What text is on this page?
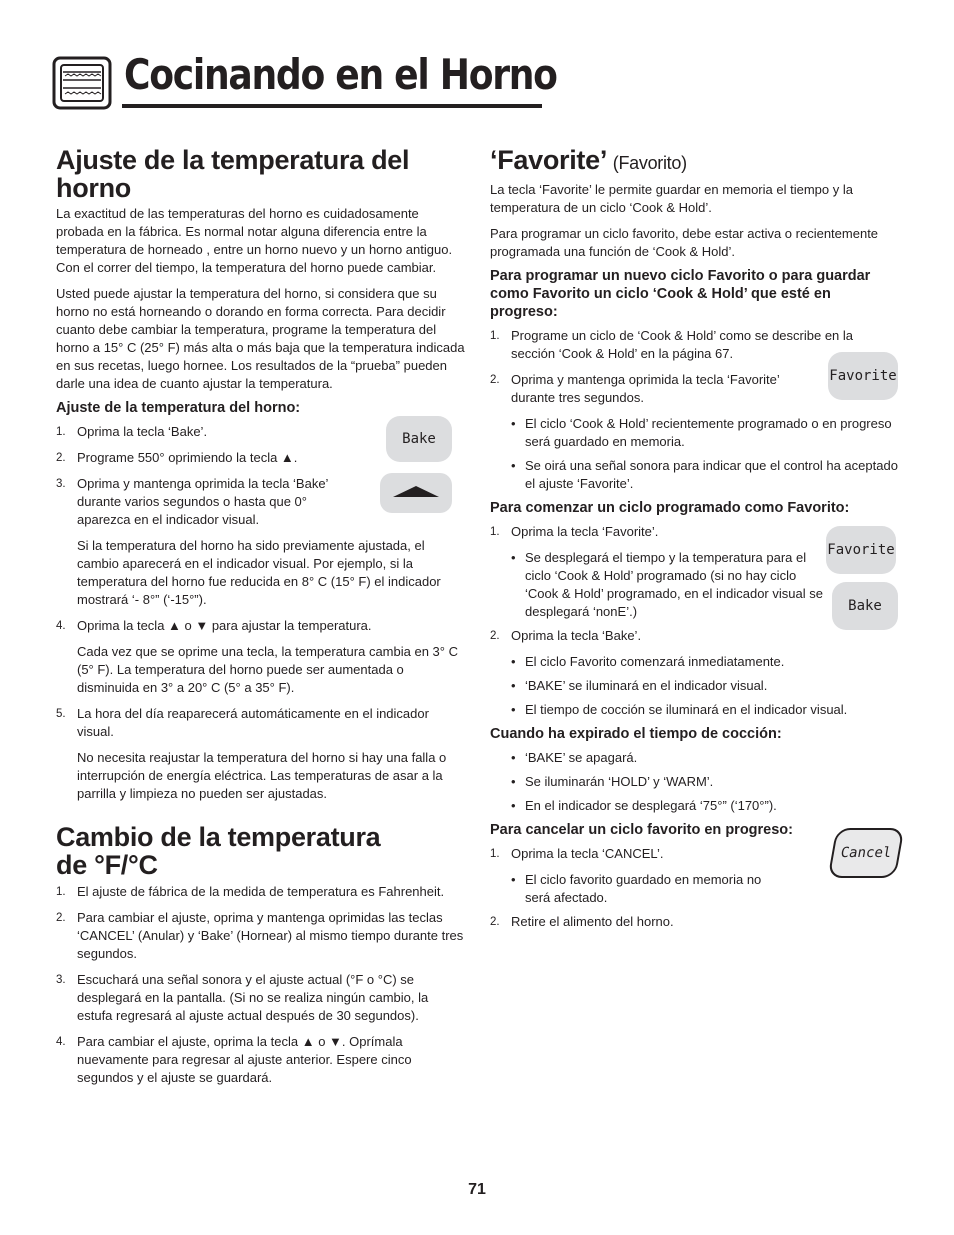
Cocinando en el Horno
Ajuste de la temperatura del horno

La exactitud de las temperaturas del horno es cuidadosamente probada en la fábrica. Es normal notar alguna diferencia entre la temperatura de horneado , entre un horno nuevo y un horno antiguo. Con el correr del tiempo, la temperatura del horno puede cambiar.

Usted puede ajustar la temperatura del horno, si considera que su horno no está horneando o dorando en forma correcta. Para decidir cuanto debe cambiar la temperatura, programe la temperatura del horno a 15° C (25° F) más alta o más baja que la temperatura indicada en sus recetas, luego hornee. Los resultados de la “prueba” pueden darle una idea de cuanto ajustar la temperatura.

Ajuste de la temperatura del horno:
1. Oprima la tecla ‘Bake’.
2. Programe 550° oprimiendo la tecla ▲.
3. Oprima y mantenga oprimida la tecla ‘Bake’ durante varios segundos o hasta que 0° aparezca en el indicador visual.

Si la temperatura del horno ha sido previamente ajustada, el cambio aparecerá en el indicador visual. Por ejemplo, si la temperatura del horno fue reducida en 8° C (15° F) el indicador mostrará ‘- 8°” (‘-15°”).

4. Oprima la tecla ▲ o ▼ para ajustar la temperatura.

Cada vez que se oprime una tecla, la temperatura cambia en 3° C (5° F). La temperatura del horno puede ser aumentada o disminuida en 3° a 20° C (5° a 35° F).

5. La hora del día reaparecerá automáticamente en el indicador visual.

No necesita reajustar la temperatura del horno si hay una falla o interrupción de energía eléctrica. Las temperaturas de asar a la parrilla y limpieza no pueden ser ajustadas.

Cambio de la temperatura de °F/°C
1. El ajuste de fábrica de la medida de temperatura es Fahrenheit.
2. Para cambiar el ajuste, oprima y mantenga oprimidas las teclas ‘CANCEL’ (Anular) y ‘Bake’ (Hornear) al mismo tiempo durante tres segundos.
3. Escuchará una señal sonora y el ajuste actual (°F o °C) se desplegará en la pantalla. (Si no se realiza ningún cambio, la estufa regresará al ajuste actual después de 30 segundos).
4. Para cambiar el ajuste, oprima la tecla ▲ o ▼. Oprímala nuevamente para regresar al ajuste anterior. Espere cinco segundos y el ajuste se guardará.
‘Favorite’ (Favorito)

La tecla ‘Favorite’ le permite guardar en memoria el tiempo y la temperatura de un ciclo ‘Cook & Hold’.

Para programar un ciclo favorito, debe estar activa o recientemente programada una función de ‘Cook & Hold’.

Para programar un nuevo ciclo Favorito o para guardar como Favorito un ciclo ‘Cook & Hold’ que esté en progreso:
1. Programe un ciclo de ‘Cook & Hold’ como se describe en la sección ‘Cook & Hold’ en la página 67.
2. Oprima y mantenga oprimida la tecla ‘Favorite’ durante tres segundos.
• El ciclo ‘Cook & Hold’ recientemente programado o en progreso será guardado en memoria.
• Se oirá una señal sonora para indicar que el control ha aceptado el ajuste ‘Favorite’.
Para comenzar un ciclo programado como Favorito:
1. Oprima la tecla ‘Favorite’.
• Se desplegará el tiempo y la temperatura para el ciclo ‘Cook & Hold’ programado (si no hay ciclo ‘Cook & Hold’ programado, en el indicador visual se desplegará ‘nonE’.)
2. Oprima la tecla ‘Bake’.
• El ciclo Favorito comenzará inmediatamente.
• ‘BAKE’ se iluminará en el indicador visual.
• El tiempo de cocción se iluminará en el indicador visual.
Cuando ha expirado el tiempo de cocción:
• ‘BAKE’ se apagará.
• Se iluminarán ‘HOLD’ y ‘WARM’.
• En el indicador se desplegará ‘75°” (‘170°”).
Para cancelar un ciclo favorito en progreso:
1. Oprima la tecla ‘CANCEL’.
• El ciclo favorito guardado en memoria no será afectado.
2. Retire el alimento del horno.
Bake
Favorite
Favorite
Bake
Cancel
71
